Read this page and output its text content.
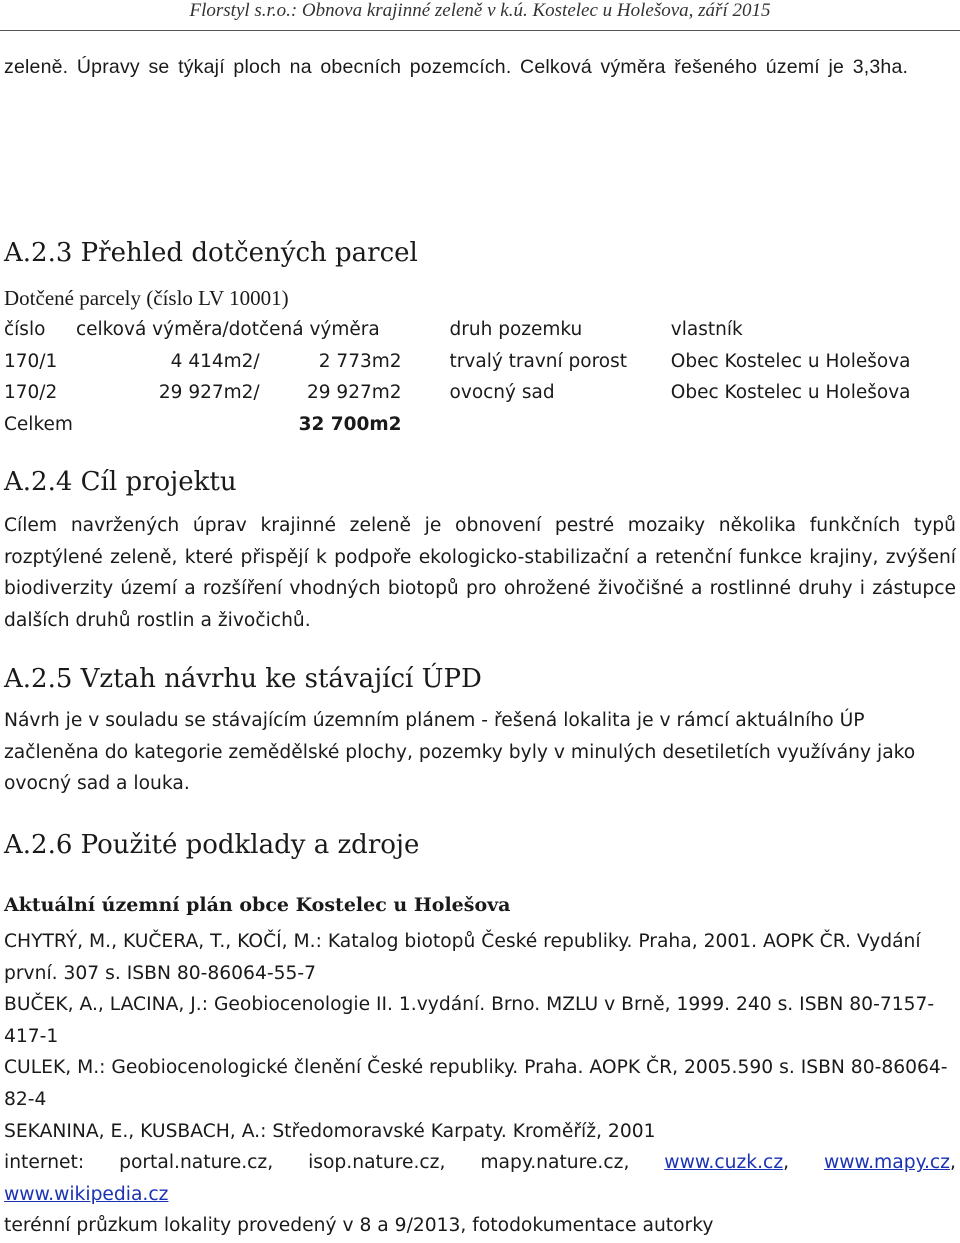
Florstyl s.r.o.: Obnova krajinné zeleně v k.ú. Kostelec u Holešova, září 2015
zeleně. Úpravy se týkají ploch na obecních pozemcích. Celková výměra řešeného území je 3,3ha.
A.2.3 Přehled dotčených parcel
Dotčené parcely (číslo LV 10001)
číslo	celková výměra/dotčená výměra		druh pozemku	vlastník
170/1	4 414m2/	2 773m2	trvalý travní porost	Obec Kostelec u Holešova
170/2	29 927m2/	29 927m2	ovocný sad	Obec Kostelec u Holešova
Celkem		32 700m2		
A.2.4 Cíl projektu
Cílem navržených úprav krajinné zeleně je obnovení pestré mozaiky několika funkčních typů rozptýlené zeleně, které přispějí k podpoře ekologicko-stabilizační a retenční funkce krajiny, zvýšení biodiverzity území a rozšíření vhodných biotopů pro ohrožené živočišné a rostlinné druhy i zástupce dalších druhů rostlin a živočichů.
A.2.5 Vztah návrhu ke stávající ÚPD
Návrh je v souladu se stávajícím územním plánem - řešená lokalita je v rámcí aktuálního ÚP začleněna do kategorie zemědělské plochy, pozemky byly v minulých desetiletích využívány jako ovocný sad a louka.
A.2.6 Použité podklady a zdroje
Aktuální územní plán obce Kostelec u Holešova
CHYTRÝ, M., KUČERA, T., KOČÍ, M.: Katalog biotopů České republiky. Praha, 2001. AOPK ČR. Vydání první. 307 s. ISBN 80-86064-55-7
BUČEK, A., LACINA, J.: Geobiocenologie II. 1.vydání. Brno. MZLU v Brně, 1999. 240 s. ISBN 80-7157-417-1
CULEK, M.: Geobiocenologické členění České republiky. Praha. AOPK ČR, 2005.590 s. ISBN 80-86064-82-4
SEKANINA, E., KUSBACH, A.: Středomoravské Karpaty. Kroměříž, 2001
internet: portal.nature.cz, isop.nature.cz, mapy.nature.cz, www.cuzk.cz, www.mapy.cz,
www.wikipedia.cz
terénní průzkum lokality provedený v 8 a 9/2013, fotodokumentace autorky
